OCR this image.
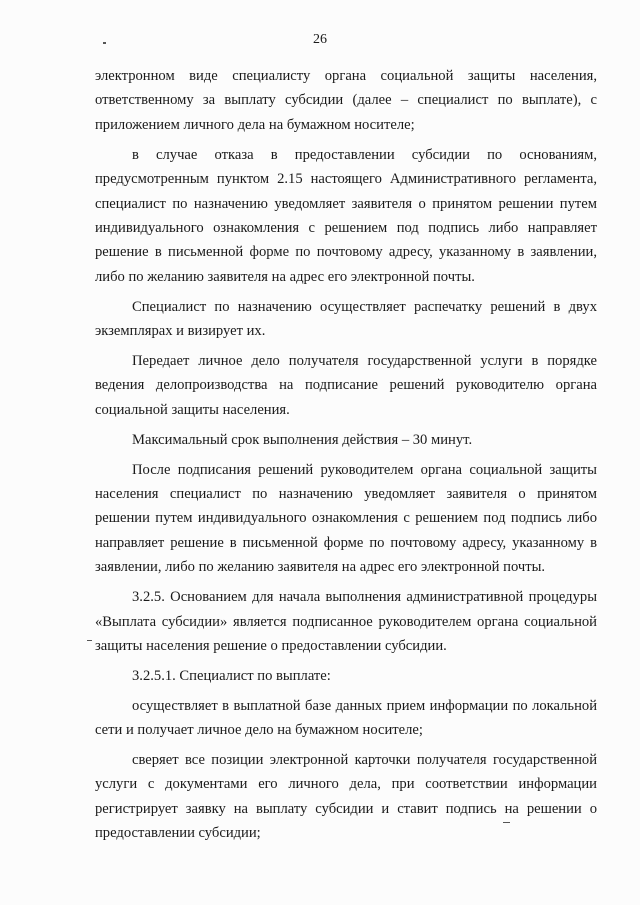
26

электронном виде специалисту органа социальной защиты населения, ответственному за выплату субсидии (далее – специалист по выплате), с приложением личного дела на бумажном носителе;

в случае отказа в предоставлении субсидии по основаниям, предусмотренным пунктом 2.15 настоящего Административного регламента, специалист по назначению уведомляет заявителя о принятом решении путем индивидуального ознакомления с решением под подпись либо направляет решение в письменной форме по почтовому адресу, указанному в заявлении, либо по желанию заявителя на адрес его электронной почты.

Специалист по назначению осуществляет распечатку решений в двух экземплярах и визирует их.

Передает личное дело получателя государственной услуги в порядке ведения делопроизводства на подписание решений руководителю органа социальной защиты населения.

Максимальный срок выполнения действия – 30 минут.

После подписания решений руководителем органа социальной защиты населения специалист по назначению уведомляет заявителя о принятом решении путем индивидуального ознакомления с решением под подпись либо направляет решение в письменной форме по почтовому адресу, указанному в заявлении, либо по желанию заявителя на адрес его электронной почты.

3.2.5. Основанием для начала выполнения административной процедуры «Выплата субсидии» является подписанное руководителем органа социальной защиты населения решение о предоставлении субсидии.

3.2.5.1. Специалист по выплате:

осуществляет в выплатной базе данных прием информации по локальной сети и получает личное дело на бумажном носителе;

сверяет все позиции электронной карточки получателя государственной услуги с документами его личного дела, при соответствии информации регистрирует заявку на выплату субсидии и ставит подпись на решении о предоставлении субсидии;
